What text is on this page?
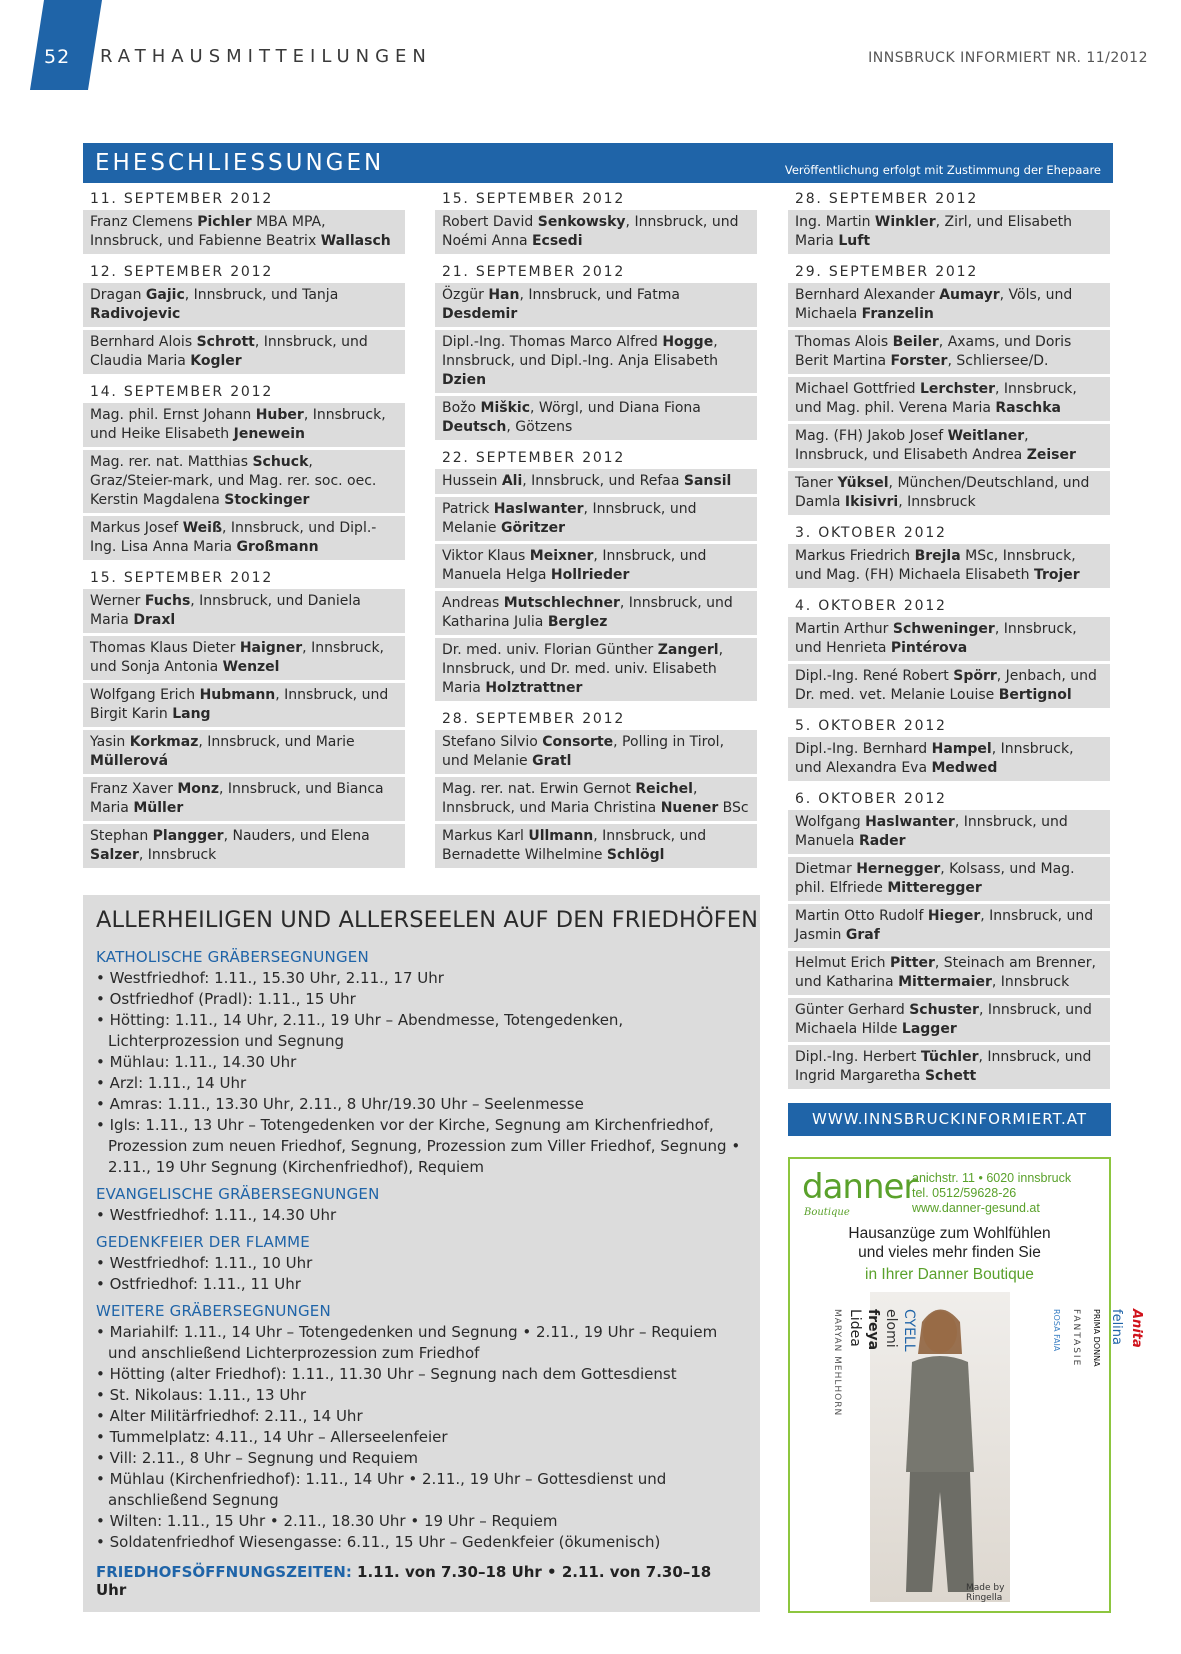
52 RATHAUSMITTEILUNGEN	INNSBRUCK INFORMIERT NR. 11/2012
EHESCHLIESSUNGEN	Veröffentlichung erfolgt mit Zustimmung der Ehepaare
11. SEPTEMBER 2012
Franz Clemens Pichler MBA MPA, Innsbruck, und Fabienne Beatrix Wallasch
12. SEPTEMBER 2012
Dragan Gajic, Innsbruck, und Tanja Radivojevic
Bernhard Alois Schrott, Innsbruck, und Claudia Maria Kogler
14. SEPTEMBER 2012
Mag. phil. Ernst Johann Huber, Innsbruck, und Heike Elisabeth Jenewein
Mag. rer. nat. Matthias Schuck, Graz/Steier-mark, und Mag. rer. soc. oec. Kerstin Magdalena Stockinger
Markus Josef Weiß, Innsbruck, und Dipl.-Ing. Lisa Anna Maria Großmann
15. SEPTEMBER 2012
Werner Fuchs, Innsbruck, und Daniela Maria Draxl
Thomas Klaus Dieter Haigner, Innsbruck, und Sonja Antonia Wenzel
Wolfgang Erich Hubmann, Innsbruck, und Birgit Karin Lang
Yasin Korkmaz, Innsbruck, und Marie Müllerová
Franz Xaver Monz, Innsbruck, und Bianca Maria Müller
Stephan Plangger, Nauders, und Elena Salzer, Innsbruck
15. SEPTEMBER 2012
Robert David Senkowsky, Innsbruck, und Noémi Anna Ecsedi
21. SEPTEMBER 2012
Özgür Han, Innsbruck, und Fatma Desdemir
Dipl.-Ing. Thomas Marco Alfred Hogge, Innsbruck, und Dipl.-Ing. Anja Elisabeth Dzien
Božo Miškic, Wörgl, und Diana Fiona Deutsch, Götzens
22. SEPTEMBER 2012
Hussein Ali, Innsbruck, und Refaa Sansil
Patrick Haslwanter, Innsbruck, und Melanie Göritzer
Viktor Klaus Meixner, Innsbruck, und Manuela Helga Hollrieder
Andreas Mutschlechner, Innsbruck, und Katharina Julia Berglez
Dr. med. univ. Florian Günther Zangerl, Innsbruck, und Dr. med. univ. Elisabeth Maria Holztrattner
28. SEPTEMBER 2012
Stefano Silvio Consorte, Polling in Tirol, und Melanie Gratl
Mag. rer. nat. Erwin Gernot Reichel, Innsbruck, und Maria Christina Nuener BSc
Markus Karl Ullmann, Innsbruck, und Bernadette Wilhelmine Schlögl
28. SEPTEMBER 2012
Ing. Martin Winkler, Zirl, und Elisabeth Maria Luft
29. SEPTEMBER 2012
Bernhard Alexander Aumayr, Völs, und Michaela Franzelin
Thomas Alois Beiler, Axams, und Doris Berit Martina Forster, Schliersee/D.
Michael Gottfried Lerchster, Innsbruck, und Mag. phil. Verena Maria Raschka
Mag. (FH) Jakob Josef Weitlaner, Innsbruck, und Elisabeth Andrea Zeiser
Taner Yüksel, München/Deutschland, und Damla Ikisivri, Innsbruck
3. OKTOBER 2012
Markus Friedrich Brejla MSc, Innsbruck, und Mag. (FH) Michaela Elisabeth Trojer
4. OKTOBER 2012
Martin Arthur Schweninger, Innsbruck, und Henrieta Pintérova
Dipl.-Ing. René Robert Spörr, Jenbach, und Dr. med. vet. Melanie Louise Bertignol
5. OKTOBER 2012
Dipl.-Ing. Bernhard Hampel, Innsbruck, und Alexandra Eva Medwed
6. OKTOBER 2012
Wolfgang Haslwanter, Innsbruck, und Manuela Rader
Dietmar Hernegger, Kolsass, und Mag. phil. Elfriede Mitteregger
Martin Otto Rudolf Hieger, Innsbruck, und Jasmin Graf
Helmut Erich Pitter, Steinach am Brenner, und Katharina Mittermaier, Innsbruck
Günter Gerhard Schuster, Innsbruck, und Michaela Hilde Lagger
Dipl.-Ing. Herbert Tüchler, Innsbruck, und Ingrid Margaretha Schett
ALLERHEILIGEN UND ALLERSEELEN AUF DEN FRIEDHÖFEN
KATHOLISCHE GRÄBERSEGNUNGEN
• Westfriedhof: 1.11., 15.30 Uhr, 2.11., 17 Uhr
• Ostfriedhof (Pradl): 1.11., 15 Uhr
• Hötting: 1.11., 14 Uhr, 2.11., 19 Uhr – Abendmesse, Totengedenken, Lichterprozession und Segnung
• Mühlau: 1.11., 14.30 Uhr
• Arzl: 1.11., 14 Uhr
• Amras: 1.11., 13.30 Uhr, 2.11., 8 Uhr/19.30 Uhr – Seelenmesse
• Igls: 1.11., 13 Uhr – Totengedenken vor der Kirche, Segnung am Kirchenfriedhof, Prozession zum neuen Friedhof, Segnung, Prozession zum Viller Friedhof, Segnung • 2.11., 19 Uhr Segnung (Kirchenfriedhof), Requiem
EVANGELISCHE GRÄBERSEGNUNGEN
• Westfriedhof: 1.11., 14.30 Uhr
GEDENKFEIER DER FLAMME
• Westfriedhof: 1.11., 10 Uhr
• Ostfriedhof: 1.11., 11 Uhr
WEITERE GRÄBERSEGNUNGEN
• Mariahilf: 1.11., 14 Uhr – Totengedenken und Segnung • 2.11., 19 Uhr – Requiem und anschließend Lichterprozession zum Friedhof
• Hötting (alter Friedhof): 1.11., 11.30 Uhr – Segnung nach dem Gottesdienst
• St. Nikolaus: 1.11., 13 Uhr
• Alter Militärfriedhof: 2.11., 14 Uhr
• Tummelplatz: 4.11., 14 Uhr – Allerseelenfeier
• Vill: 2.11., 8 Uhr – Segnung und Requiem
• Mühlau (Kirchenfriedhof): 1.11., 14 Uhr • 2.11., 19 Uhr – Gottesdienst und anschließend Segnung
• Wilten: 1.11., 15 Uhr • 2.11., 18.30 Uhr • 19 Uhr – Requiem
• Soldatenfriedhof Wiesengasse: 6.11., 15 Uhr – Gedenkfeier (ökumenisch)
FRIEDHOFSÖFFNUNGSZEITEN: 1.11. von 7.30–18 Uhr • 2.11. von 7.30–18 Uhr
WWW.INNSBRUCKINFORMIERT.AT
danner
Boutique
anichstr. 11 • 6020 innsbruck
tel. 0512/59628-26
www.danner-gesund.at
Hausanzüge zum Wohlfühlen
und vieles mehr finden Sie
in Ihrer Danner Boutique
CYELL
elomi
freya
Lidea
MARYAN MEHLHORN	Anita
felina
PRIMA DONNA
FANTASIE
ROSA FAIA
Made by
Ringella
